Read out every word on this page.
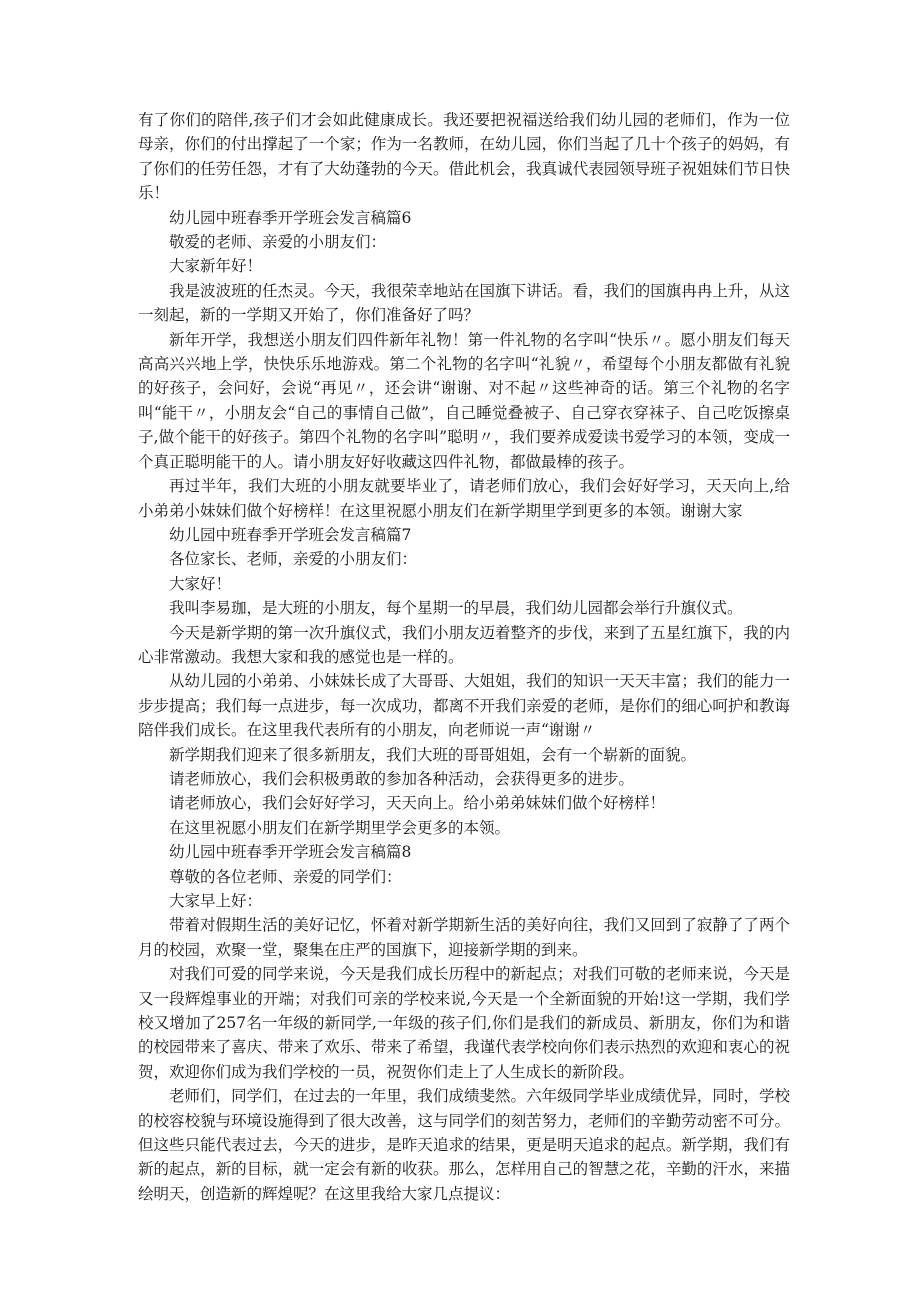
有了你们的陪伴,孩子们才会如此健康成长。我还要把祝福送给我们幼儿园的老师们，作为一位母亲，你们的付出撑起了一个家；作为一名教师，在幼儿园，你们当起了几十个孩子的妈妈，有了你们的任劳任怨，才有了大幼蓬勃的今天。借此机会，我真诚代表园领导班子祝姐妹们节日快乐！

幼儿园中班春季开学班会发言稿篇6

敬爱的老师、亲爱的小朋友们：

大家新年好！

我是波波班的任杰灵。今天，我很荣幸地站在国旗下讲话。看，我们的国旗冉冉上升，从这一刻起，新的一学期又开始了，你们准备好了吗？

新年开学，我想送小朋友们四件新年礼物！第一件礼物的名字叫“快乐〃。愿小朋友们每天高高兴兴地上学，快快乐乐地游戏。第二个礼物的名字叫“礼貌〃，希望每个小朋友都做有礼貌的好孩子，会问好，会说“再见〃，还会讲“谢谢、对不起〃这些神奇的话。第三个礼物的名字叫“能干〃，小朋友会“自己的事情自己做”，自己睡觉叠被子、自己穿衣穿袜子、自己吃饭擦桌子,做个能干的好孩子。第四个礼物的名字叫”聪明〃，我们要养成爱读书爱学习的本领，变成一个真正聪明能干的人。请小朋友好好收藏这四件礼物，都做最棒的孩子。

再过半年，我们大班的小朋友就要毕业了，请老师们放心，我们会好好学习，天天向上,给小弟弟小妹妹们做个好榜样！在这里祝愿小朋友们在新学期里学到更多的本领。谢谢大家

幼儿园中班春季开学班会发言稿篇7

各位家长、老师，亲爱的小朋友们：

大家好！

我叫李易珈，是大班的小朋友，每个星期一的早晨，我们幼儿园都会举行升旗仪式。

今天是新学期的第一次升旗仪式，我们小朋友迈着整齐的步伐，来到了五星红旗下，我的内心非常激动。我想大家和我的感觉也是一样的。

从幼儿园的小弟弟、小妹妹长成了大哥哥、大姐姐，我们的知识一天天丰富；我们的能力一步步提高；我们每一点进步，每一次成功，都离不开我们亲爱的老师，是你们的细心呵护和教诲陪伴我们成长。在这里我代表所有的小朋友，向老师说一声“谢谢〃

新学期我们迎来了很多新朋友，我们大班的哥哥姐姐，会有一个崭新的面貌。

请老师放心，我们会积极勇敢的参加各种活动，会获得更多的进步。

请老师放心，我们会好好学习，天天向上。给小弟弟妹妹们做个好榜样！

在这里祝愿小朋友们在新学期里学会更多的本领。

幼儿园中班春季开学班会发言稿篇8

尊敬的各位老师、亲爱的同学们：

大家早上好：

带着对假期生活的美好记忆，怀着对新学期新生活的美好向往，我们又回到了寂静了了两个月的校园，欢聚一堂，聚集在庄严的国旗下，迎接新学期的到来。

对我们可爱的同学来说，今天是我们成长历程中的新起点；对我们可敬的老师来说，今天是又一段辉煌事业的开端；对我们可亲的学校来说,今天是一个全新面貌的开始!这一学期，我们学校又增加了257名一年级的新同学,一年级的孩子们,你们是我们的新成员、新朋友，你们为和谐的校园带来了喜庆、带来了欢乐、带来了希望，我谨代表学校向你们表示热烈的欢迎和衷心的祝贺，欢迎你们成为我们学校的一员，祝贺你们走上了人生成长的新阶段。

老师们，同学们，在过去的一年里，我们成绩斐然。六年级同学毕业成绩优异，同时，学校的校容校貌与环境设施得到了很大改善，这与同学们的刻苦努力，老师们的辛勤劳动密不可分。但这些只能代表过去，今天的进步，是昨天追求的结果，更是明天追求的起点。新学期，我们有新的起点，新的目标，就一定会有新的收获。那么，怎样用自己的智慧之花，辛勤的汗水，来描绘明天，创造新的辉煌呢？在这里我给大家几点提议：
